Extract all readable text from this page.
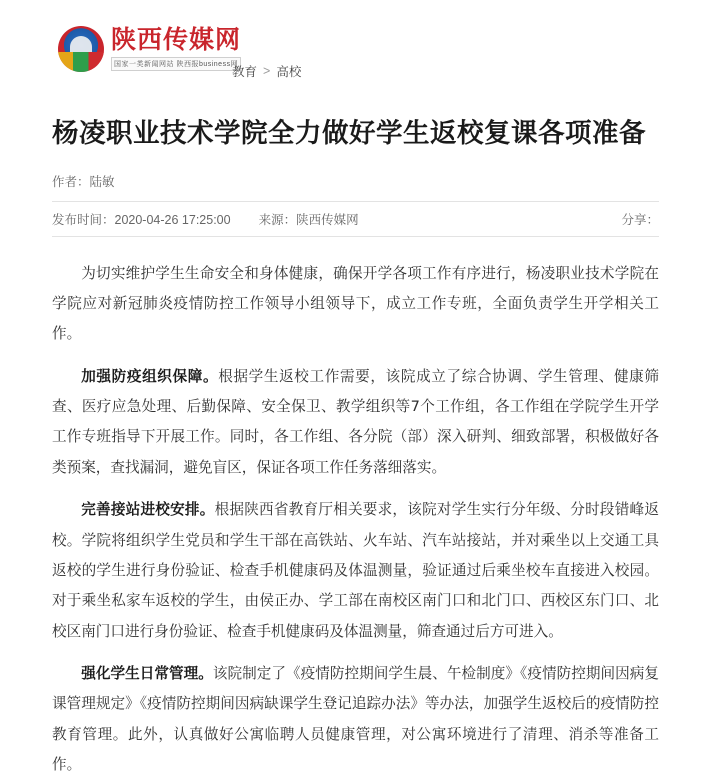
陕西传媒网
国家一类新闻网站 陕西报business网
教育 > 高校
杨凌职业技术学院全力做好学生返校复课各项准备
作者：陆敏
发布时间：2020-04-26 17:25:00 来源：陕西传媒网	分享：

为切实维护学生生命安全和身体健康，确保开学各项工作有序进行，杨凌职业技术学院在学院应对新冠肺炎疫情防控工作领导小组领导下，成立工作专班，全面负责学生开学相关工作。

加强防疫组织保障。根据学生返校工作需要，该院成立了综合协调、学生管理、健康筛查、医疗应急处理、后勤保障、安全保卫、教学组织等7个工作组，各工作组在学院学生开学工作专班指导下开展工作。同时，各工作组、各分院（部）深入研判、细致部署，积极做好各类预案，查找漏洞，避免盲区，保证各项工作任务落细落实。

完善接站进校安排。根据陕西省教育厅相关要求，该院对学生实行分年级、分时段错峰返校。学院将组织学生党员和学生干部在高铁站、火车站、汽车站接站，并对乘坐以上交通工具返校的学生进行身份验证、检查手机健康码及体温测量，验证通过后乘坐校车直接进入校园。对于乘坐私家车返校的学生，由侯正办、学工部在南校区南门口和北门口、西校区东门口、北校区南门口进行身份验证、检查手机健康码及体温测量，筛查通过后方可进入。

强化学生日常管理。该院制定了《疫情防控期间学生晨、午检制度》《疫情防控期间因病复课管理规定》《疫情防控期间因病缺课学生登记追踪办法》等办法，加强学生返校后的疫情防控教育管理。此外，认真做好公寓临聘人员健康管理，对公寓环境进行了清理、消杀等准备工作。
